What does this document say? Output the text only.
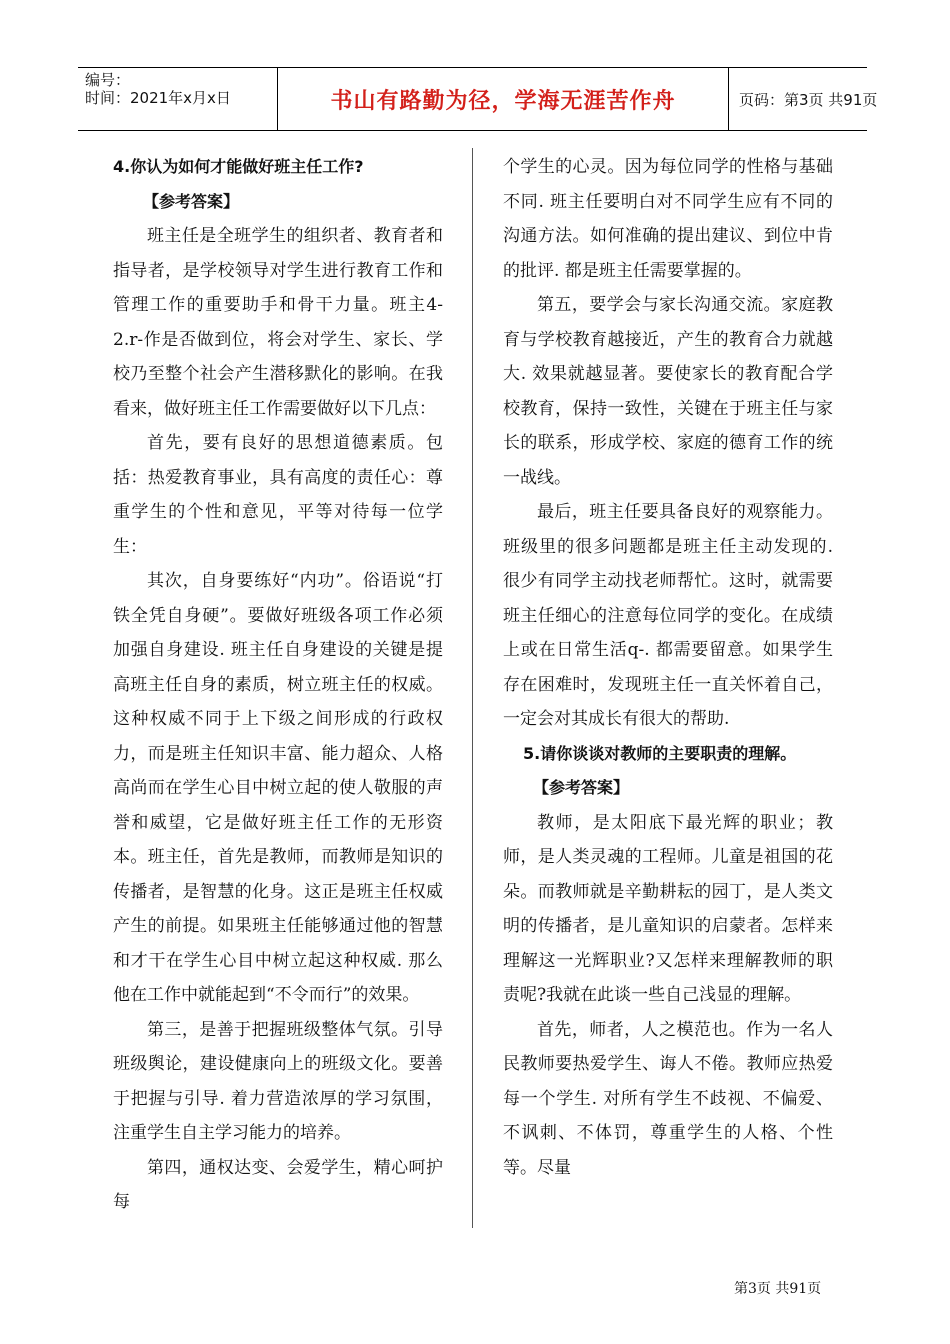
编号：
时间：2021年x月x日	书山有路勤为径，学海无涯苦作舟	页码：第3页 共91页

4.你认为如何才能做好班主任工作?

【参考答案】

班主任是全班学生的组织者、教育者和指导者，是学校领导对学生进行教育工作和管理工作的重要助手和骨干力量。班主4-2.r-作是否做到位，将会对学生、家长、学校乃至整个社会产生潜移默化的影响。在我看来，做好班主任工作需要做好以下几点：

首先，要有良好的思想道德素质。包括：热爱教育事业，具有高度的责任心：尊重学生的个性和意见，平等对待每一位学生：

其次，自身要练好“内功”。俗语说“打铁全凭自身硬”。要做好班级各项工作必须加强自身建设. 班主任自身建设的关键是提高班主任自身的素质，树立班主任的权威。这种权威不同于上下级之间形成的行政权力，而是班主任知识丰富、能力超众、人格高尚而在学生心目中树立起的使人敬服的声誉和威望，它是做好班主任工作的无形资本。班主任，首先是教师，而教师是知识的传播者，是智慧的化身。这正是班主任权威产生的前提。如果班主任能够通过他的智慧和才干在学生心目中树立起这种权威. 那么他在工作中就能起到“不令而行”的效果。

第三，是善于把握班级整体气氛。引导班级舆论，建设健康向上的班级文化。要善于把握与引导. 着力营造浓厚的学习氛围，注重学生自主学习能力的培养。

第四，通权达变、会爱学生，精心呵护每

个学生的心灵。因为每位同学的性格与基础不同. 班主任要明白对不同学生应有不同的沟通方法。如何准确的提出建议、到位中肯的批评. 都是班主任需要掌握的。

第五，要学会与家长沟通交流。家庭教育与学校教育越接近，产生的教育合力就越大. 效果就越显著。要使家长的教育配合学校教育，保持一致性，关键在于班主任与家长的联系，形成学校、家庭的德育工作的统一战线。

最后，班主任要具备良好的观察能力。班级里的很多问题都是班主任主动发现的. 很少有同学主动找老师帮忙。这时，就需要班主任细心的注意每位同学的变化。在成绩上或在日常生活q-. 都需要留意。如果学生存在困难时，发现班主任一直关怀着自己，一定会对其成长有很大的帮助.

5.请你谈谈对教师的主要职责的理解。

【参考答案】

教师，是太阳底下最光辉的职业；教师，是人类灵魂的工程师。儿童是祖国的花朵。而教师就是辛勤耕耘的园丁，是人类文明的传播者，是儿童知识的启蒙者。怎样来理解这一光辉职业?又怎样来理解教师的职责呢?我就在此谈一些自己浅显的理解。

首先，师者，人之模范也。作为一名人民教师要热爱学生、诲人不倦。教师应热爱每一个学生. 对所有学生不歧视、不偏爱、不讽刺、不体罚，尊重学生的人格、个性等。尽量

第3页 共91页
